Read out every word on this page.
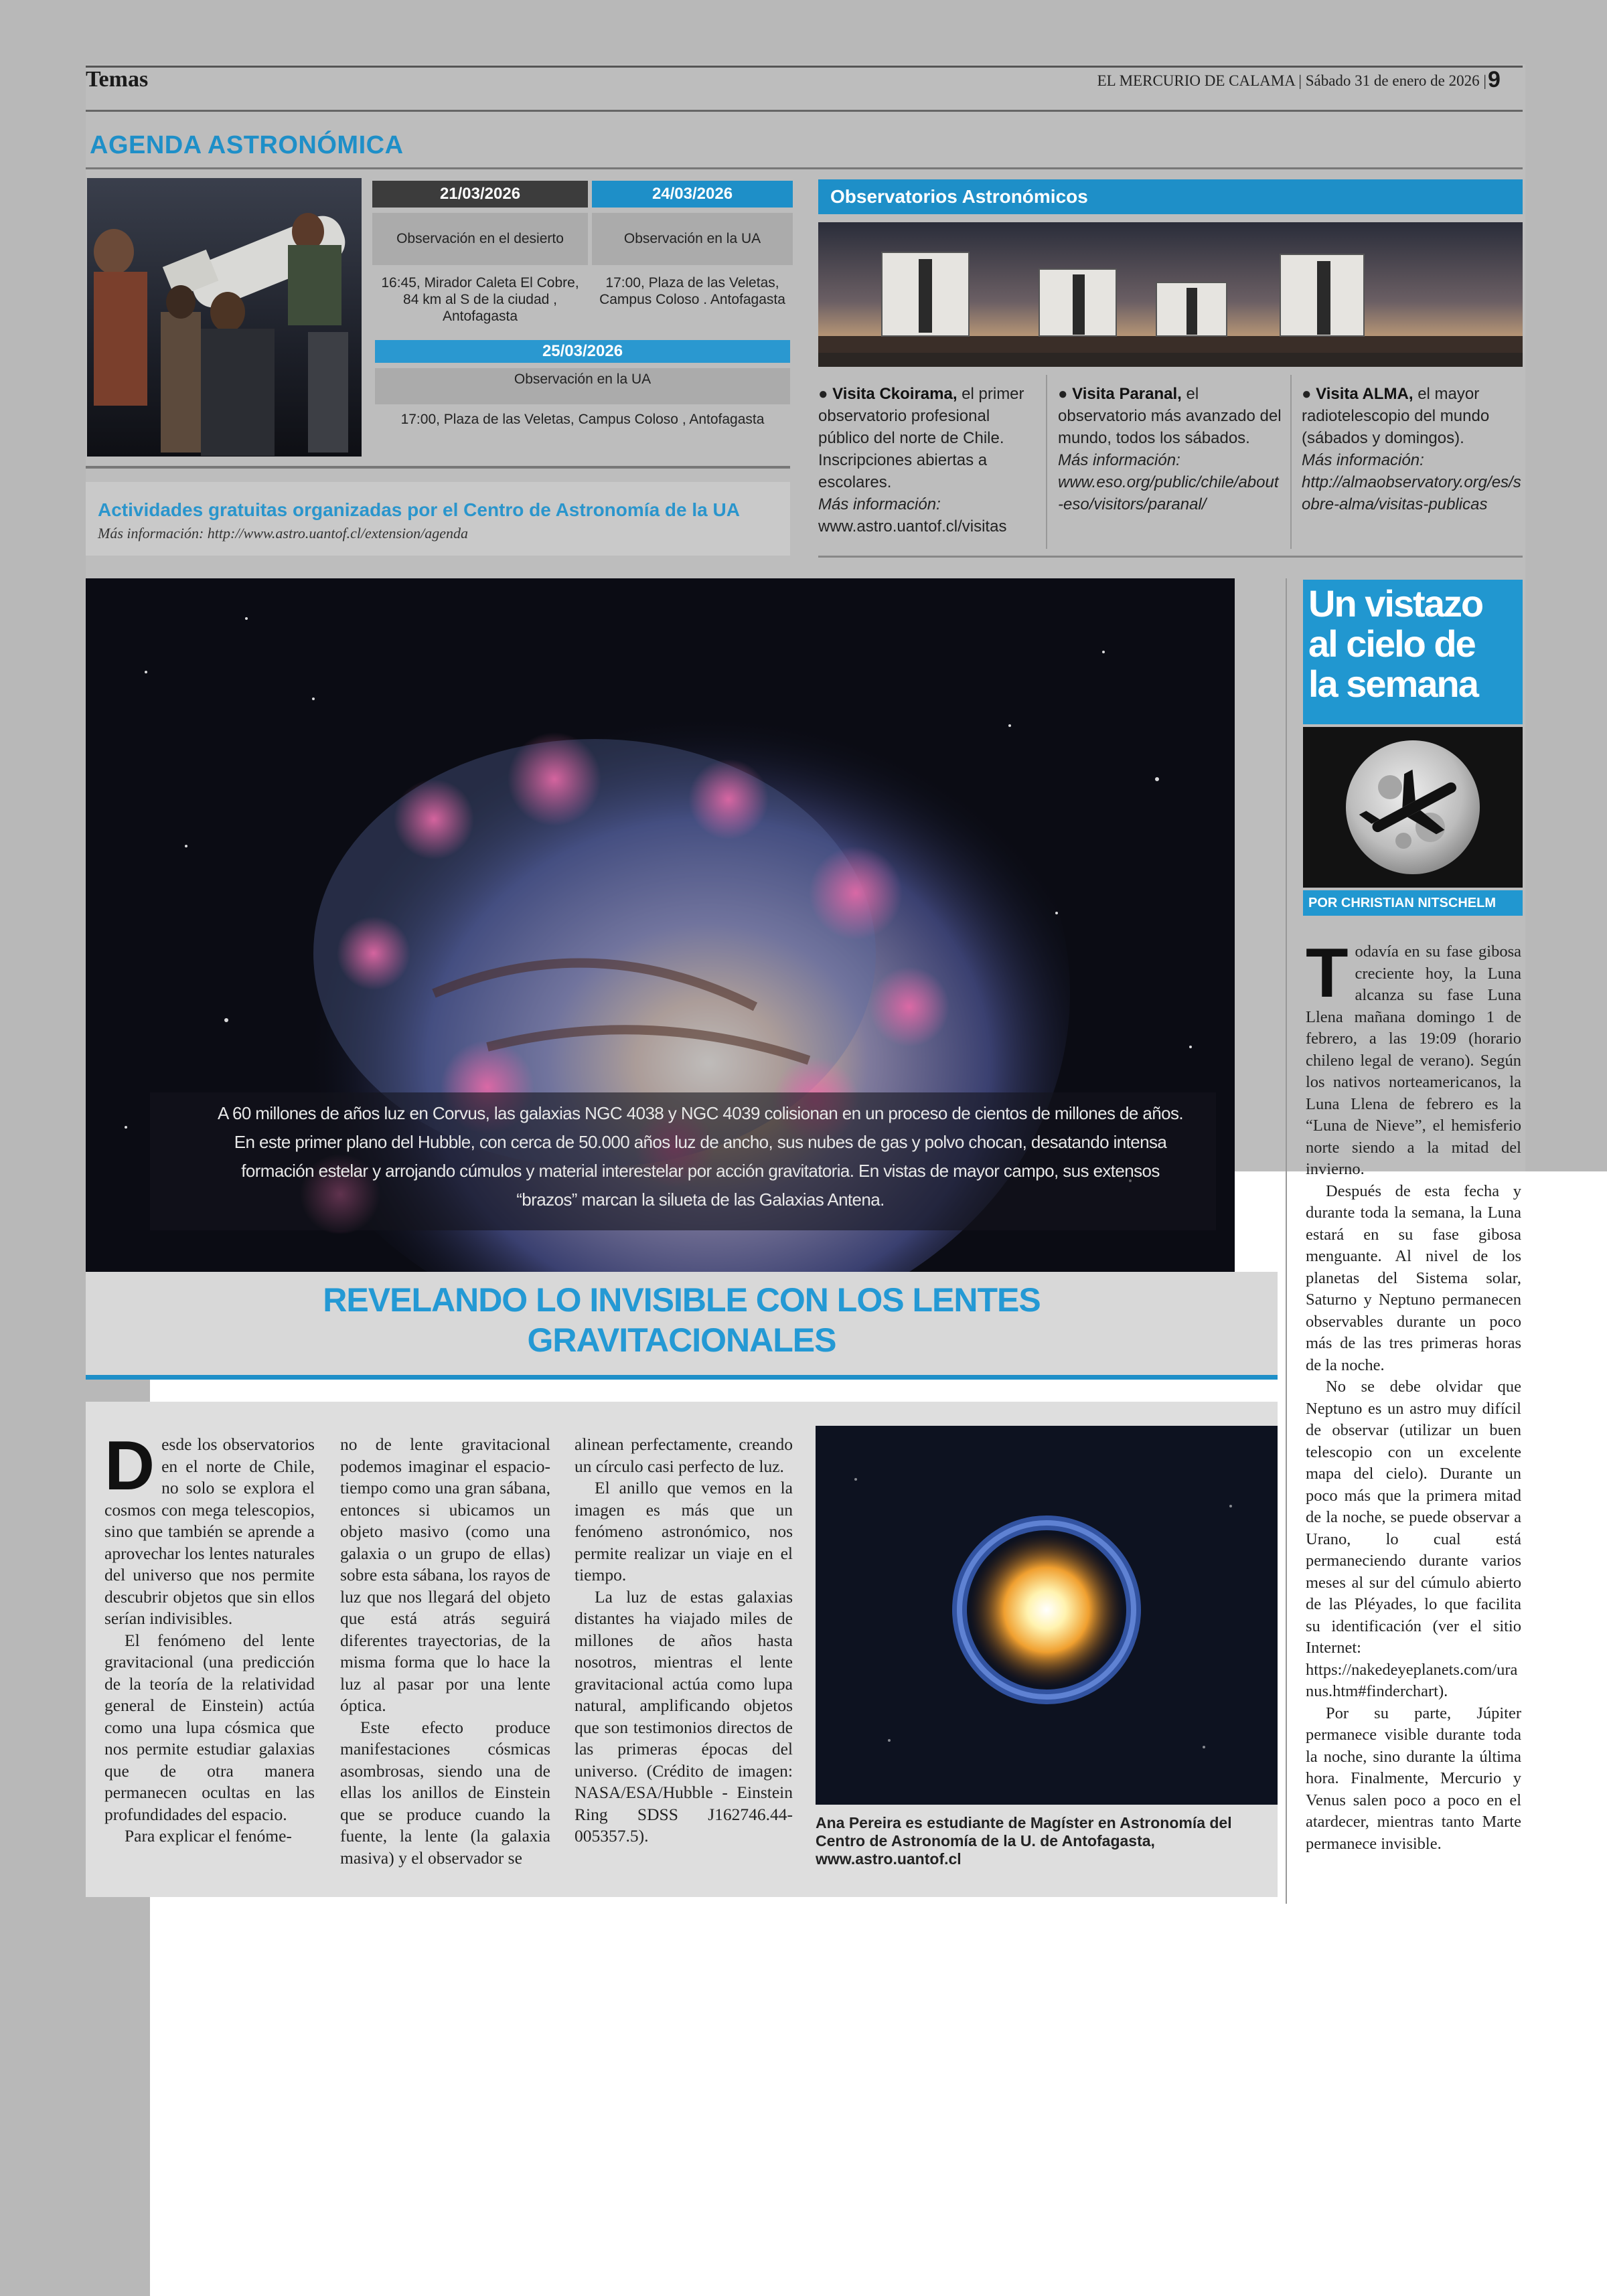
Temas	EL MERCURIO DE CALAMA | Sábado 31 de enero de 2026 | 9
AGENDA ASTRONÓMICA
21/03/2026
Observación en el desierto
16:45, Mirador Caleta El Cobre, 84 km al S de la ciudad , Antofagasta
24/03/2026
Observación en la UA
17:00, Plaza de las Veletas, Campus Coloso . Antofagasta
25/03/2026
Observación en la UA
17:00, Plaza de las Veletas, Campus Coloso , Antofagasta
Actividades gratuitas organizadas por el Centro de Astronomía de la UA
Más información: http://www.astro.uantof.cl/extension/agenda
Observatorios Astronómicos
● Visita Ckoirama, el primer observatorio profesional público del norte de Chile. Inscripciones abiertas a escolares.
Más información:
www.astro.uantof.cl/visitas
● Visita Paranal, el observatorio más avanzado del mundo, todos los sábados.
Más información:
www.eso.org/public/chile/about-eso/visitors/paranal/
● Visita ALMA, el mayor radiotelescopio del mundo (sábados y domingos).
Más información:
http://almaobservatory.org/es/sobre-alma/visitas-publicas
A 60 millones de años luz en Corvus, las galaxias NGC 4038 y NGC 4039 colisionan en un proceso de cientos de millones de años. En este primer plano del Hubble, con cerca de 50.000 años luz de ancho, sus nubes de gas y polvo chocan, desatando intensa formación estelar y arrojando cúmulos y material interestelar por acción gravitatoria. En vistas de mayor campo, sus extensos “brazos” marcan la silueta de las Galaxias Antena.
Un vistazo
al cielo de
la semana
POR CHRISTIAN NITSCHELM
REVELANDO LO INVISIBLE CON LOS LENTES
GRAVITACIONALES

Desde los observatorios en el norte de Chile, no solo se explora el cosmos con mega telescopios, sino que también se aprende a aprovechar los lentes naturales del universo que nos permite descubrir objetos que sin ellos serían indivisibles.

El fenómeno del lente gravitacional (una predicción de la teoría de la relatividad general de Einstein) actúa como una lupa cósmica que nos permite estudiar galaxias que de otra manera permanecen ocultas en las profundidades del espacio.

Para explicar el fenóme-

no de lente gravitacional podemos imaginar el espacio-tiempo como una gran sábana, entonces si ubicamos un objeto masivo (como una galaxia o un grupo de ellas) sobre esta sábana, los rayos de luz que nos llegará del objeto que está atrás seguirá diferentes trayectorias, de la misma forma que lo hace la luz al pasar por una lente óptica.

Este efecto produce manifestaciones cósmicas asombrosas, siendo una de ellas los anillos de Einstein que se produce cuando la fuente, la lente (la galaxia masiva) y el observador se

alinean perfectamente, creando un círculo casi perfecto de luz.

El anillo que vemos en la imagen es más que un fenómeno astronómico, nos permite realizar un viaje en el tiempo.

La luz de estas galaxias distantes ha viajado miles de millones de años hasta nosotros, mientras el lente gravitacional actúa como lupa natural, amplificando objetos que son testimonios directos de las primeras épocas del universo. (Crédito de imagen: NASA/ESA/Hubble - Einstein Ring SDSS J162746.44-005357.5).

Ana Pereira es estudiante de Magíster en Astronomía del Centro de Astronomía de la U. de Antofagasta, www.astro.uantof.cl

Todavía en su fase gibosa creciente hoy, la Luna alcanza su fase Luna Llena mañana domingo 1 de febrero, a las 19:09 (horario chileno legal de verano). Según los nativos norteamericanos, la Luna Llena de febrero es la “Luna de Nieve”, el hemisferio norte siendo a la mitad del invierno.

Después de esta fecha y durante toda la semana, la Luna estará en su fase gibosa menguante. Al nivel de los planetas del Sistema solar, Saturno y Neptuno permanecen observables durante un poco más de las tres primeras horas de la noche.

No se debe olvidar que Neptuno es un astro muy difícil de observar (utilizar un buen telescopio con un excelente mapa del cielo). Durante un poco más que la primera mitad de la noche, se puede observar a Urano, lo cual está permaneciendo durante varios meses al sur del cúmulo abierto de las Pléyades, lo que facilita su identificación (ver el sitio Internet: https://nakedeyeplanets.com/uranus.htm#finderchart).

Por su parte, Júpiter permanece visible durante toda la noche, sino durante la última hora. Finalmente, Mercurio y Venus salen poco a poco en el atardecer, mientras tanto Marte permanece invisible.
